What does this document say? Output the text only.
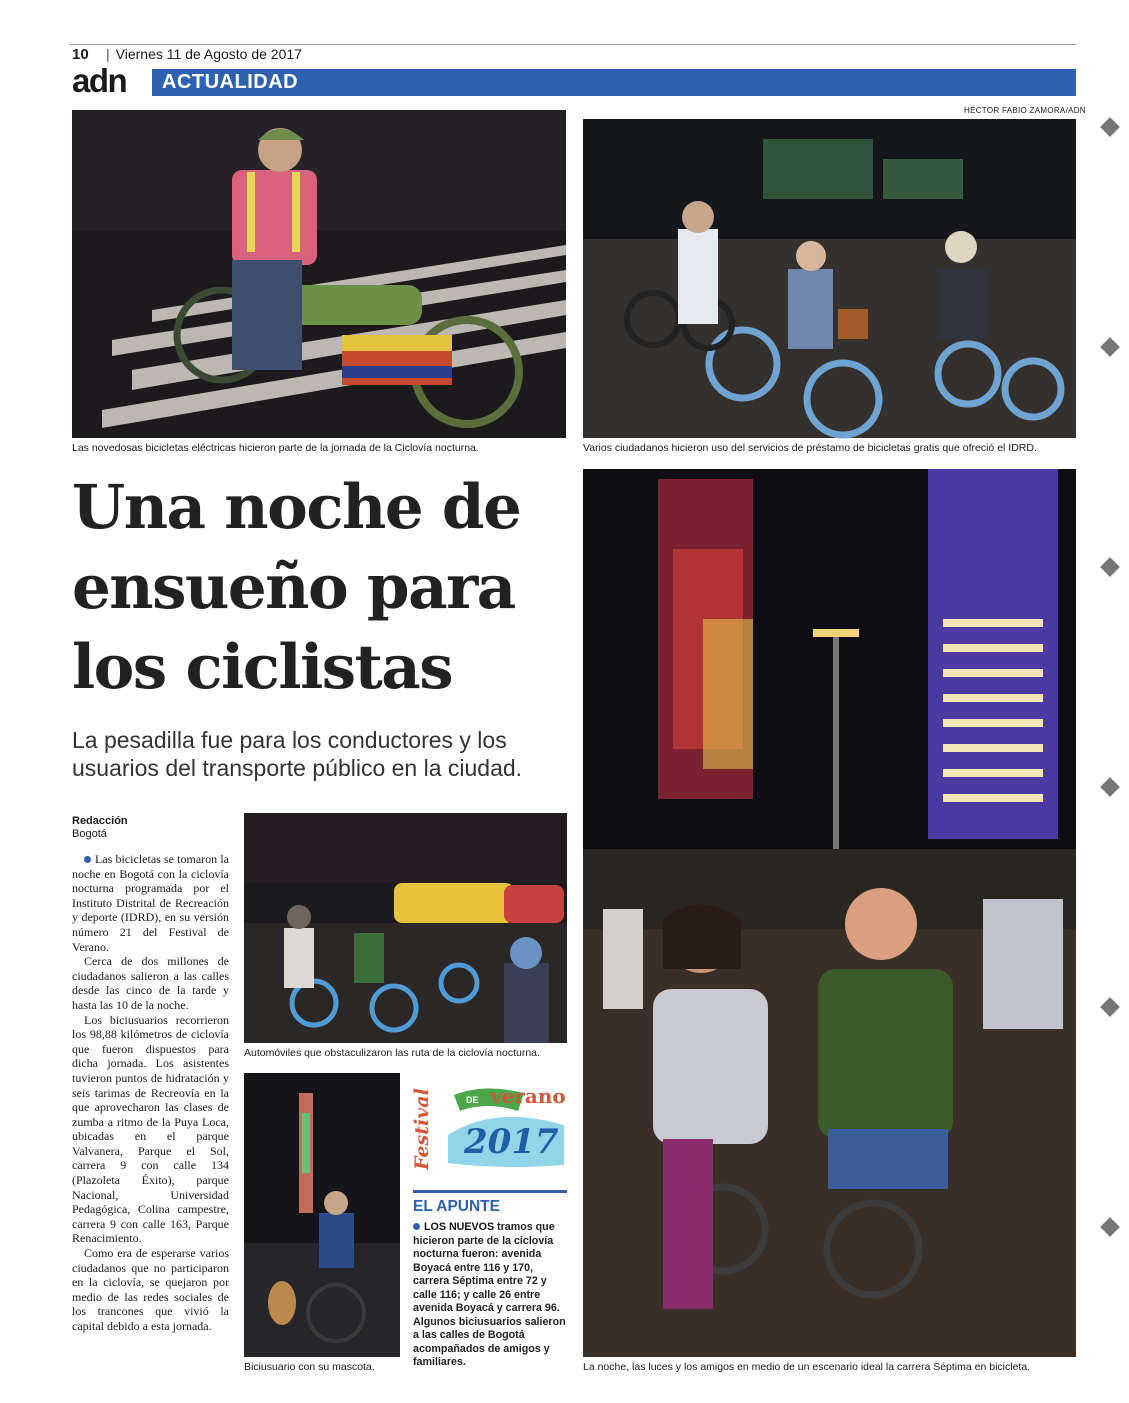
10
|	Viernes 11 de Agosto de 2017
adn ACTUALIDAD
HÉCTOR FABIO ZAMORA/ADN
Las novedosas bicicletas eléctricas hicieron parte de la jornada de la Ciclovía nocturna.	Varios ciudadanos hicieron uso del servicios de préstamo de bicicletas gratis que ofreció el IDRD.
Una noche de ensueño para los ciclistas
La pesadilla fue para los conductores y los usuarios del transporte público en la ciudad.
Redacción
Bogotá

Las bicicletas se tomaron la noche en Bogotá con la ciclovía nocturna programada por el Instituto Distrital de Recreación y deporte (IDRD), en su versión número 21 del Festival de Verano.

Cerca de dos millones de ciudadanos salieron a las calles desde las cinco de la tarde y hasta las 10 de la noche.

Los biciusuarios recorrieron los 98,88 kilómetros de ciclovía que fueron dispuestos para dicha jornada. Los asistentes tuvieron puntos de hidratación y seis tarimas de Recreovía en la que aprovecharon las clases de zumba a ritmo de la Puya Loca, ubicadas en el parque Valvanera, Parque el Sol, carrera 9 con calle 134 (Plazoleta Éxito), parque Nacional, Universidad Pedagógica, Colina campestre, carrera 9 con calle 163, Parque Renacimiento.

Como era de esperarse varios ciudadanos que no participaron en la ciclovía, se quejaron por medio de las redes sociales de los trancones que vivió la capital debido a esta jornada.

Automóviles que obstaculizaron las ruta de la ciclovía nocturna.
Biciusuario con su mascota.
Festival	DE verano
2017
EL APUNTE
LOS NUEVOS tramos que hicieron parte de la ciclovía nocturna fueron: avenida Boyacá entre 116 y 170, carrera Séptima entre 72 y calle 116; y calle 26 entre avenida Boyacá y carrera 96. Algunos biciusuarios salieron a las calles de Bogotá acompañados de amigos y familiares.	La noche, las luces y los amigos en medio de un escenario ideal la carrera Séptima en bicicleta.
